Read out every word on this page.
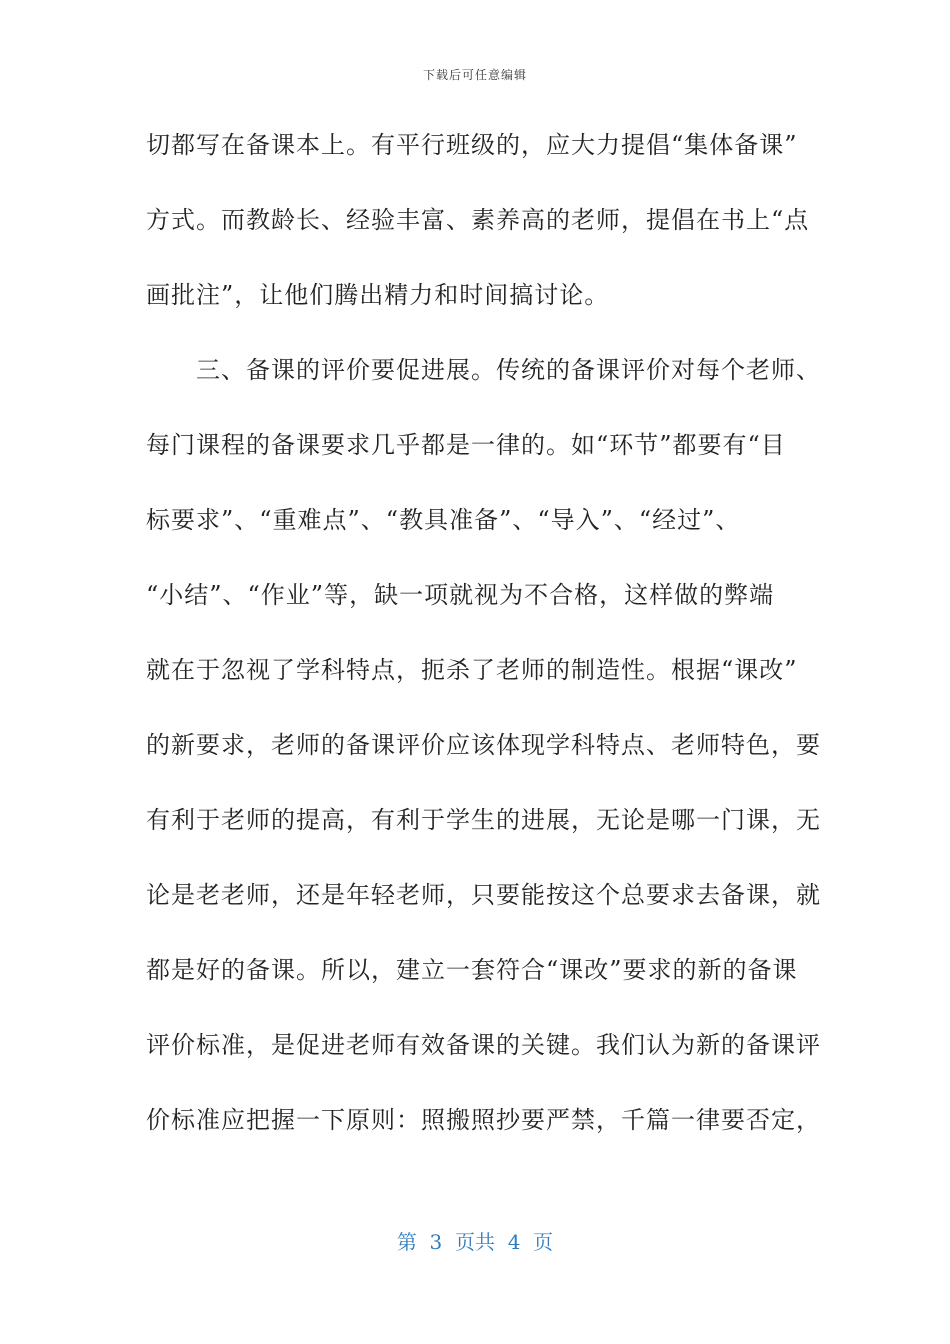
下载后可任意编辑
切都写在备课本上。有平行班级的，应大力提倡“集体备课”
方式。而教龄长、经验丰富、素养高的老师，提倡在书上“点
画批注”，让他们腾出精力和时间搞讨论。
　　三、备课的评价要促进展。传统的备课评价对每个老师、
每门课程的备课要求几乎都是一律的。如“环节”都要有“目
标要求”、“重难点”、“教具准备”、“导入”、“经过”、
“小结”、“作业”等，缺一项就视为不合格，这样做的弊端
就在于忽视了学科特点，扼杀了老师的制造性。根据“课改”
的新要求，老师的备课评价应该体现学科特点、老师特色，要
有利于老师的提高，有利于学生的进展，无论是哪一门课，无
论是老老师，还是年轻老师，只要能按这个总要求去备课，就
都是好的备课。所以，建立一套符合“课改”要求的新的备课
评价标准，是促进老师有效备课的关键。我们认为新的备课评
价标准应把握一下原则：照搬照抄要严禁，千篇一律要否定，
第  3  页共  4  页
